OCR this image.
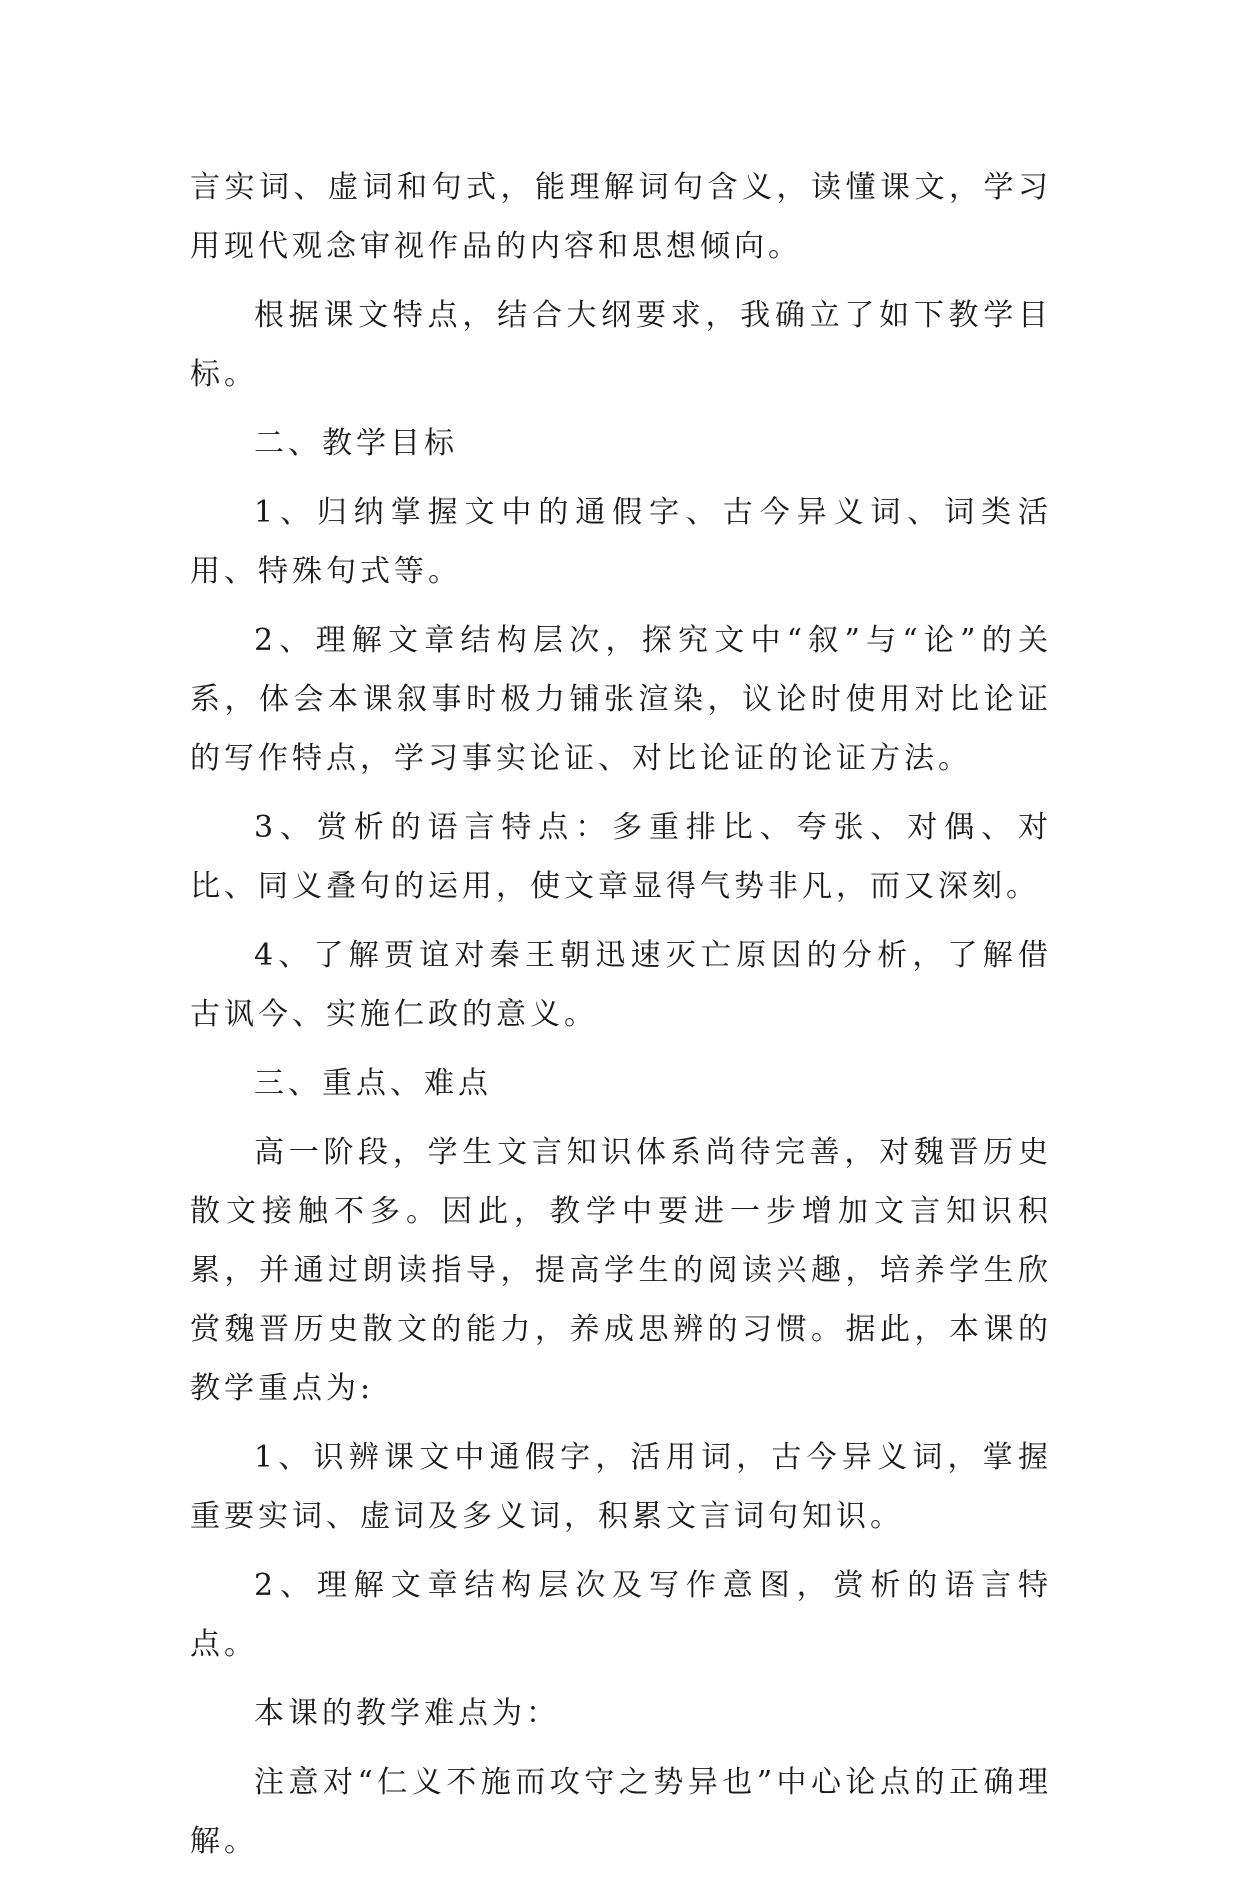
言实词、虚词和句式，能理解词句含义，读懂课文，学习用现代观念审视作品的内容和思想倾向。

根据课文特点，结合大纲要求，我确立了如下教学目标。

二、教学目标

1、归纳掌握文中的通假字、古今异义词、词类活用、特殊句式等。

2、理解文章结构层次，探究文中“叙”与“论”的关系，体会本课叙事时极力铺张渲染，议论时使用对比论证的写作特点，学习事实论证、对比论证的论证方法。

3、赏析的语言特点：多重排比、夸张、对偶、对比、同义叠句的运用，使文章显得气势非凡，而又深刻。

4、了解贾谊对秦王朝迅速灭亡原因的分析，了解借古讽今、实施仁政的意义。

三、重点、难点

高一阶段，学生文言知识体系尚待完善，对魏晋历史散文接触不多。因此，教学中要进一步增加文言知识积累，并通过朗读指导，提高学生的阅读兴趣，培养学生欣赏魏晋历史散文的能力，养成思辨的习惯。据此，本课的教学重点为:

1、识辨课文中通假字，活用词，古今异义词，掌握重要实词、虚词及多义词，积累文言词句知识。

2、理解文章结构层次及写作意图，赏析的语言特点。

本课的教学难点为：

注意对“仁义不施而攻守之势异也”中心论点的正确理解。
